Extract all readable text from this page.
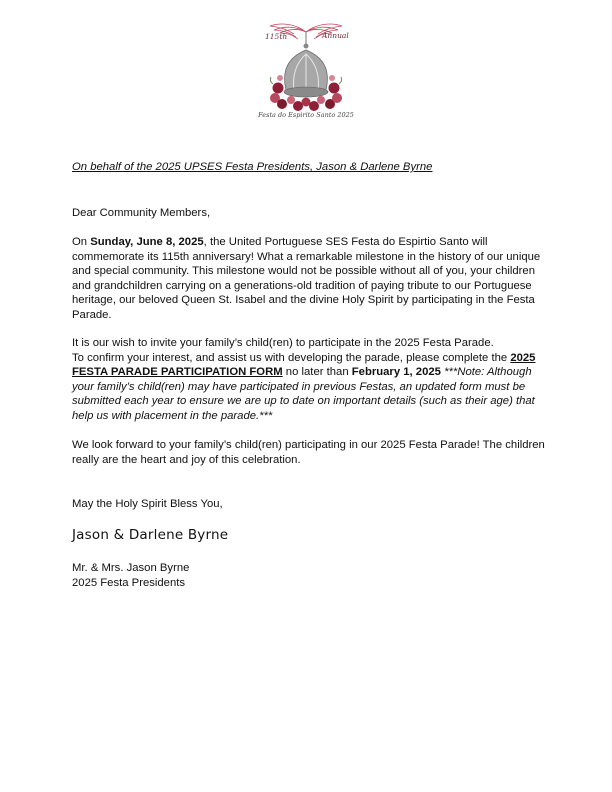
115th	Annual
Festa do Espirito Santo 2025
On behalf of the 2025 UPSES Festa Presidents, Jason & Darlene Byrne
Dear Community Members,
On Sunday, June 8, 2025, the United Portuguese SES Festa do Espirtio Santo will
commemorate its 115th anniversary! What a remarkable milestone in the history of our unique
and special community. This milestone would not be possible without all of you, your children
and grandchildren carrying on a generations-old tradition of paying tribute to our Portuguese
heritage, our beloved Queen St. Isabel and the divine Holy Spirit by participating in the Festa
Parade.
It is our wish to invite your family’s child(ren) to participate in the 2025 Festa Parade.
To confirm your interest, and assist us with developing the parade, please complete the 2025
FESTA PARADE PARTICIPATION FORM no later than February 1, 2025 ***Note: Although
your family’s child(ren) may have participated in previous Festas, an updated form must be
submitted each year to ensure we are up to date on important details (such as their age) that
help us with placement in the parade.***
We look forward to your family’s child(ren) participating in our 2025 Festa Parade! The children
really are the heart and joy of this celebration.
May the Holy Spirit Bless You,
Jason & Darlene Byrne
Mr. & Mrs. Jason Byrne
2025 Festa Presidents
